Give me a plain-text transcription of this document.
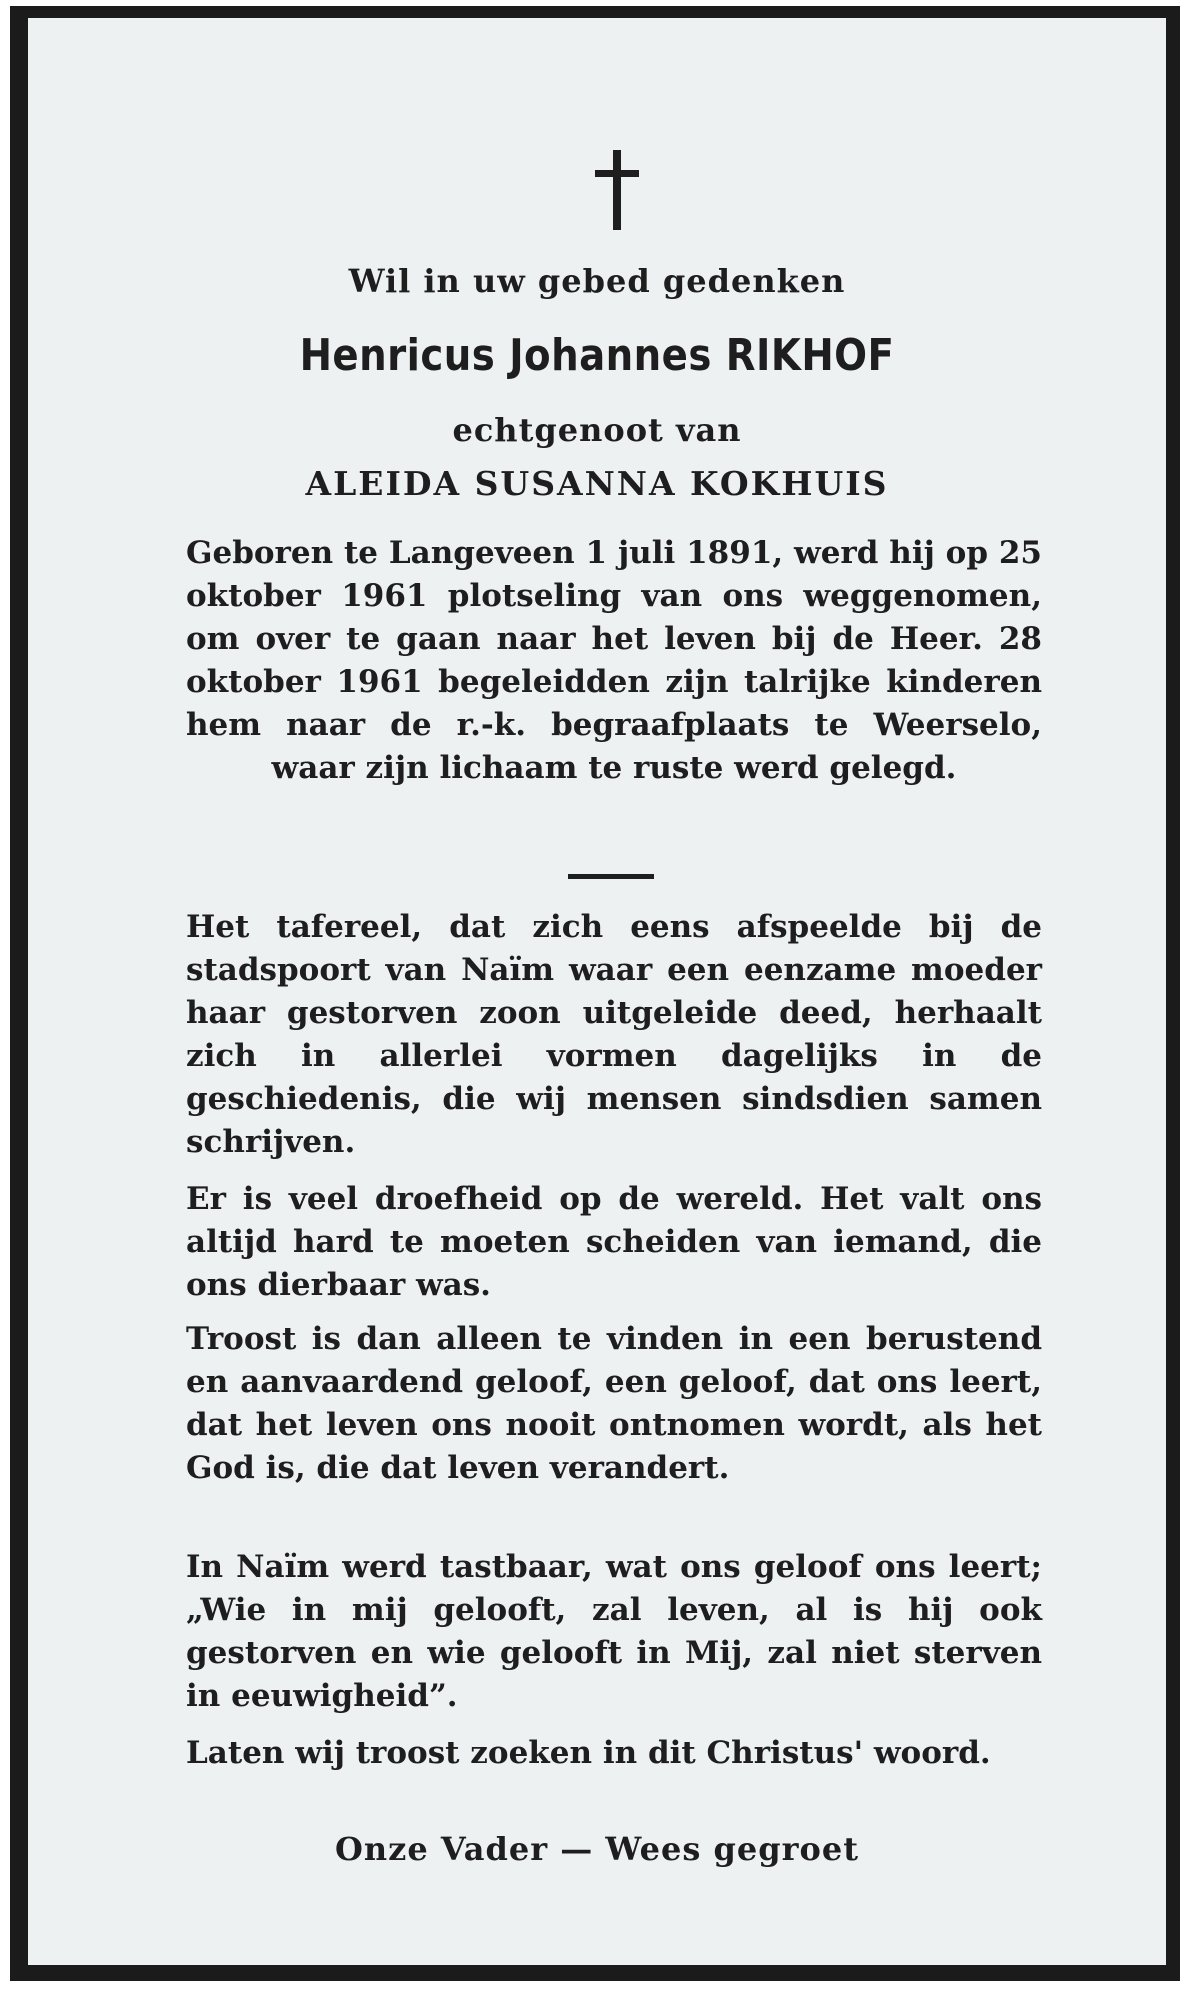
Wil in uw gebed gedenken

Henricus Johannes RIKHOF

echtgenoot van

ALEIDA SUSANNA KOKHUIS

Geboren te Langeveen 1 juli 1891, werd hij op 25 oktober 1961 plotseling van ons weggenomen, om over te gaan naar het leven bij de Heer. 28 oktober 1961 begeleidden zijn talrijke kinderen hem naar de r.-k. begraafplaats te Weerselo, waar zijn lichaam te ruste werd gelegd.

Het tafereel, dat zich eens afspeelde bij de stadspoort van Naïm waar een eenzame moeder haar gestorven zoon uitgeleide deed, herhaalt zich in allerlei vormen dagelijks in de geschiedenis, die wij mensen sindsdien samen schrijven.

Er is veel droefheid op de wereld. Het valt ons altijd hard te moeten scheiden van iemand, die ons dierbaar was.

Troost is dan alleen te vinden in een berustend en aanvaardend geloof, een geloof, dat ons leert, dat het leven ons nooit ontnomen wordt, als het God is, die dat leven verandert.

In Naïm werd tastbaar, wat ons geloof ons leert; „Wie in mij gelooft, zal leven, al is hij ook gestorven en wie gelooft in Mij, zal niet sterven in eeuwigheid”.

Laten wij troost zoeken in dit Christus' woord.

Onze Vader — Wees gegroet
